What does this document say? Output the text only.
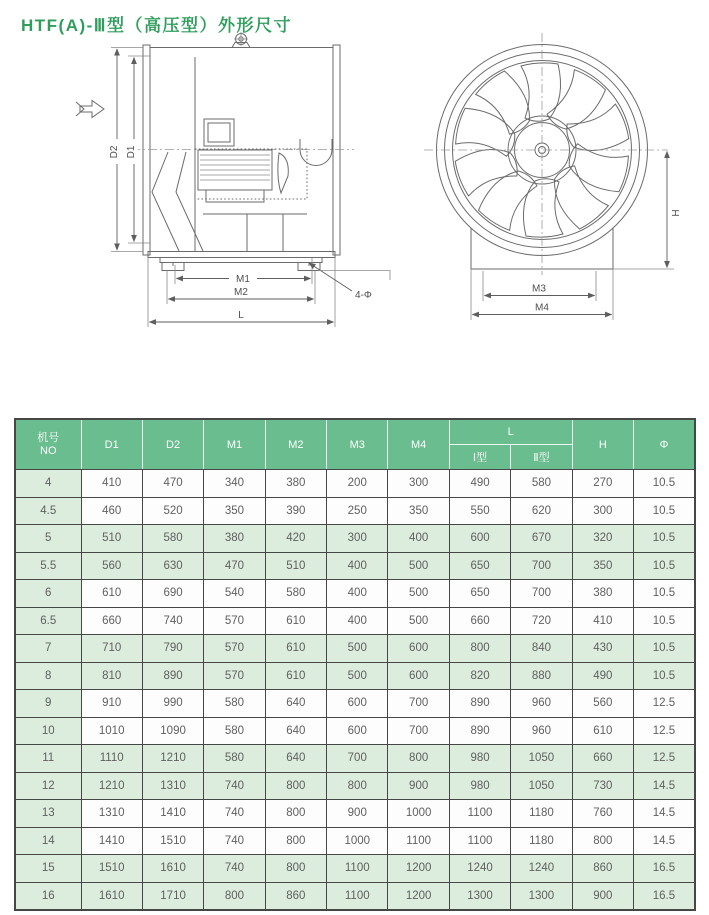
HTF(A)-Ⅲ型（高压型）外形尺寸
D2 D1
M1
M2
L
4-Φ
H
M3
M4
机号
NO	D1	D2	M1	M2	M3	M4	L		H	Φ
							Ⅰ型	Ⅱ型		
4	410	470	340	380	200	300	490	580	270	10.5
4.5	460	520	350	390	250	350	550	620	300	10.5
5	510	580	380	420	300	400	600	670	320	10.5
5.5	560	630	470	510	400	500	650	700	350	10.5
6	610	690	540	580	400	500	650	700	380	10.5
6.5	660	740	570	610	400	500	660	720	410	10.5
7	710	790	570	610	500	600	800	840	430	10.5
8	810	890	570	610	500	600	820	880	490	10.5
9	910	990	580	640	600	700	890	960	560	12.5
10	1010	1090	580	640	600	700	890	960	610	12.5
11	1110	1210	580	640	700	800	980	1050	660	12.5
12	1210	1310	740	800	800	900	980	1050	730	14.5
13	1310	1410	740	800	900	1000	1100	1180	760	14.5
14	1410	1510	740	800	1000	1100	1100	1180	800	14.5
15	1510	1610	740	800	1100	1200	1240	1240	860	16.5
16	1610	1710	800	860	1100	1200	1300	1300	900	16.5
